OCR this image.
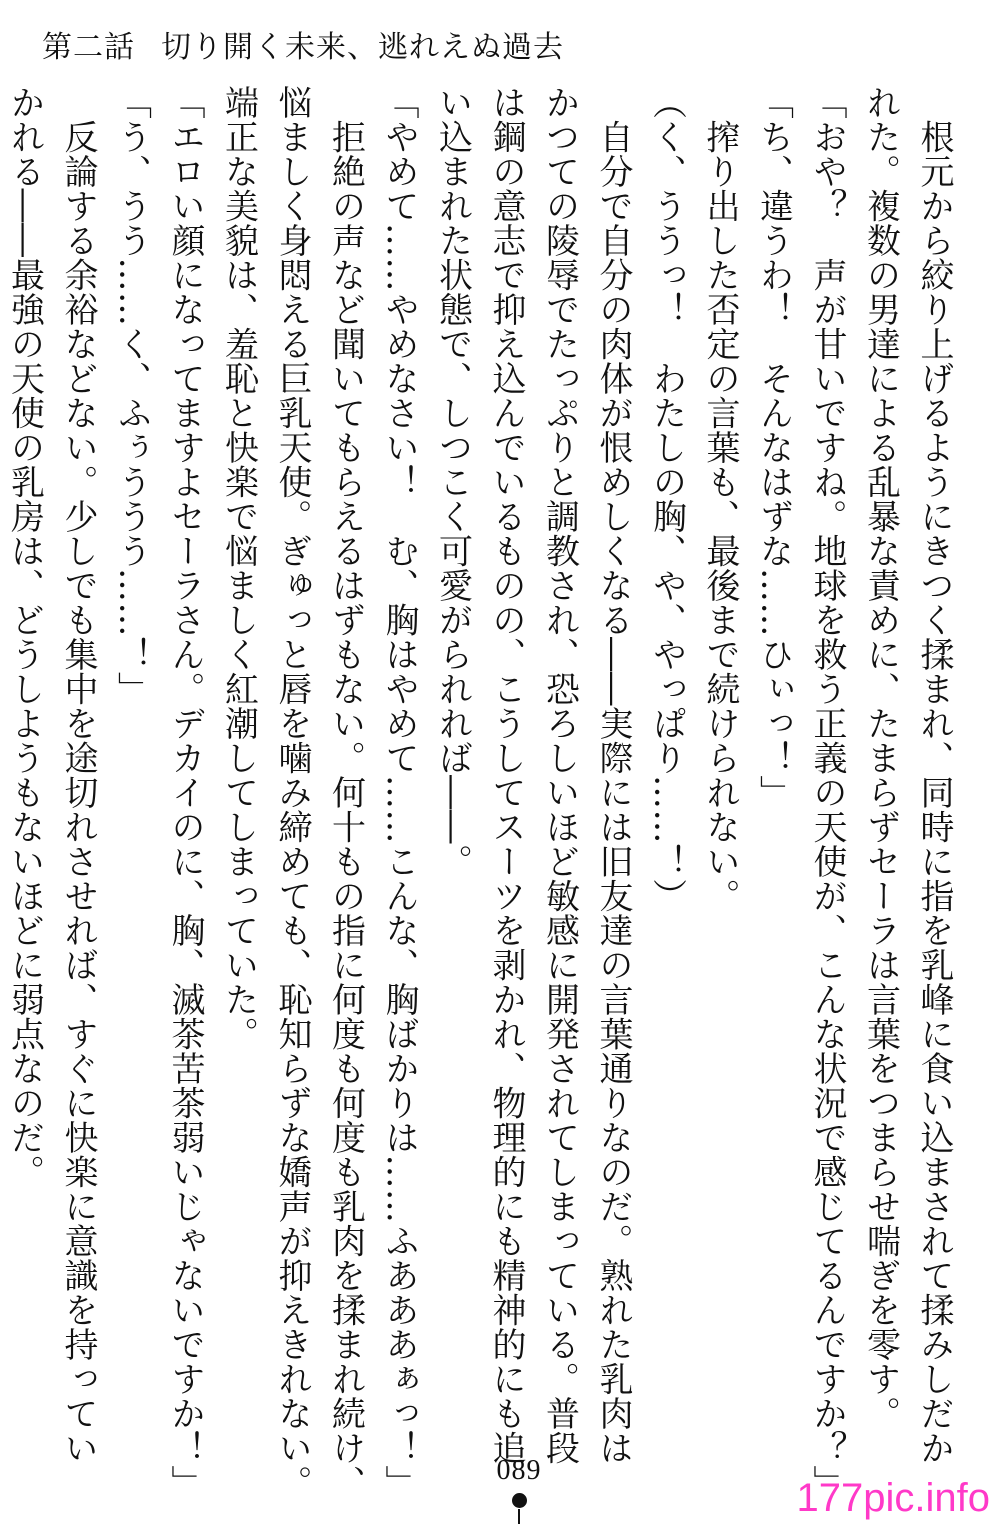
第二話 切り開く未来、逃れえぬ過去
　根元から絞り上げるようにきつく揉まれ、同時に指を乳峰に食い込まされて揉みしだか
れた。複数の男達による乱暴な責めに、たまらずセーラは言葉をつまらせ喘ぎを零す。
「おや？　声が甘いですね。地球を救う正義の天使が、こんな状況で感じてるんですか？」
「ち、違うわ！　そんなはずな……ひぃっ！」
　搾り出した否定の言葉も、最後まで続けられない。
（く、ううっ！　わたしの胸、や、やっぱり……！）
　自分で自分の肉体が恨めしくなる――実際には旧友達の言葉通りなのだ。熟れた乳肉は
かつての陵辱でたっぷりと調教され、恐ろしいほど敏感に開発されてしまっている。普段
は鋼の意志で抑え込んでいるものの、こうしてスーツを剥かれ、物理的にも精神的にも追
い込まれた状態で、しつこく可愛がられれば――。
「やめて……やめなさい！　む、胸はやめて……こんな、胸ばかりは……ふあああぁっ！」
　拒絶の声など聞いてもらえるはずもない。何十もの指に何度も何度も乳肉を揉まれ続け、
悩ましく身悶える巨乳天使。ぎゅっと唇を噛み締めても、恥知らずな嬌声が抑えきれない。
端正な美貌は、羞恥と快楽で悩ましく紅潮してしまっていた。
「エロい顔になってますよセーラさん。デカイのに、胸、滅茶苦茶弱いじゃないですか！」
「う、うう……く、ふぅううう……！」
　反論する余裕などない。少しでも集中を途切れさせれば、すぐに快楽に意識を持ってい
かれる――最強の天使の乳房は、どうしようもないほどに弱点なのだ。
089
177pic.info
